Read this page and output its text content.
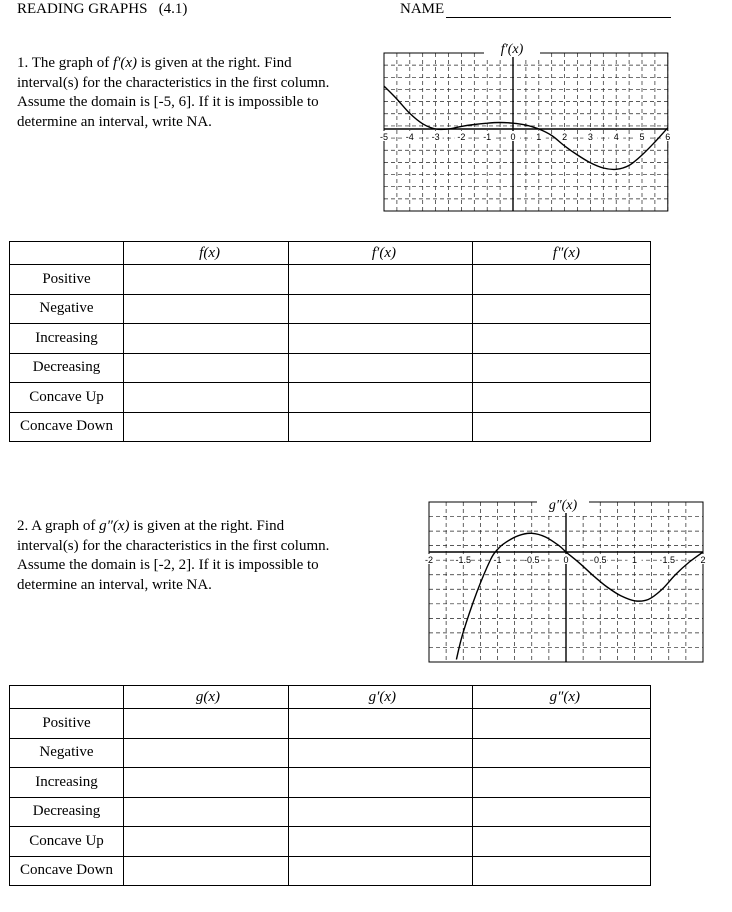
READING GRAPHS (4.1)	NAME
1. The graph of f′(x) is given at the right. Find
interval(s) for the characteristics in the first column.
Assume the domain is [-5, 6]. If it is impossible to
determine an interval, write NA.
-5 -4 -3 -2 -1 0 1 2 3 4 5 6
f′(x)
	f(x)	f′(x)	f″(x)
Positive			
Negative			
Increasing			
Decreasing			
Concave Up			
Concave Down			
2. A graph of g″(x) is given at the right. Find
interval(s) for the characteristics in the first column.
Assume the domain is [-2, 2]. If it is impossible to
determine an interval, write NA.
-2 -1.5 -1 -0.5	0	0.5	1	1.5	2
g″(x)
	g(x)	g′(x)	g″(x)
Positive			
Negative			
Increasing			
Decreasing			
Concave Up			
Concave Down			
